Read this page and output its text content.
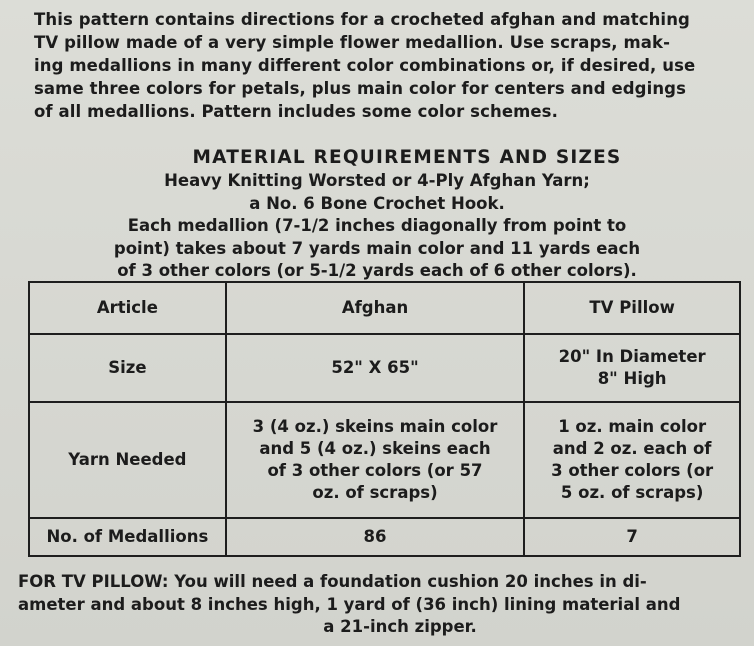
This pattern contains directions for a crocheted afghan and matching
TV pillow made of a very simple flower medallion. Use scraps, mak-
ing medallions in many different color combinations or, if desired, use
same three colors for petals, plus main color for centers and edgings
of all medallions. Pattern includes some color schemes.

MATERIAL REQUIREMENTS AND SIZES
Heavy Knitting Worsted or 4-Ply Afghan Yarn;
a No. 6 Bone Crochet Hook.
Each medallion (7-1/2 inches diagonally from point to
point) takes about 7 yards main color and 11 yards each
of 3 other colors (or 5-1/2 yards each of 6 other colors).
Article	Afghan	TV Pillow
Size	52" X 65"	20" In Diameter
8" High
Yarn Needed	3 (4 oz.) skeins main color
and 5 (4 oz.) skeins each
of 3 other colors (or 57
oz. of scraps)	1 oz. main color
and 2 oz. each of
3 other colors (or
5 oz. of scraps)
No. of Medallions	86	7

FOR TV PILLOW: You will need a foundation cushion 20 inches in di-
ameter and about 8 inches high, 1 yard of (36 inch) lining material and

a 21-inch zipper.
